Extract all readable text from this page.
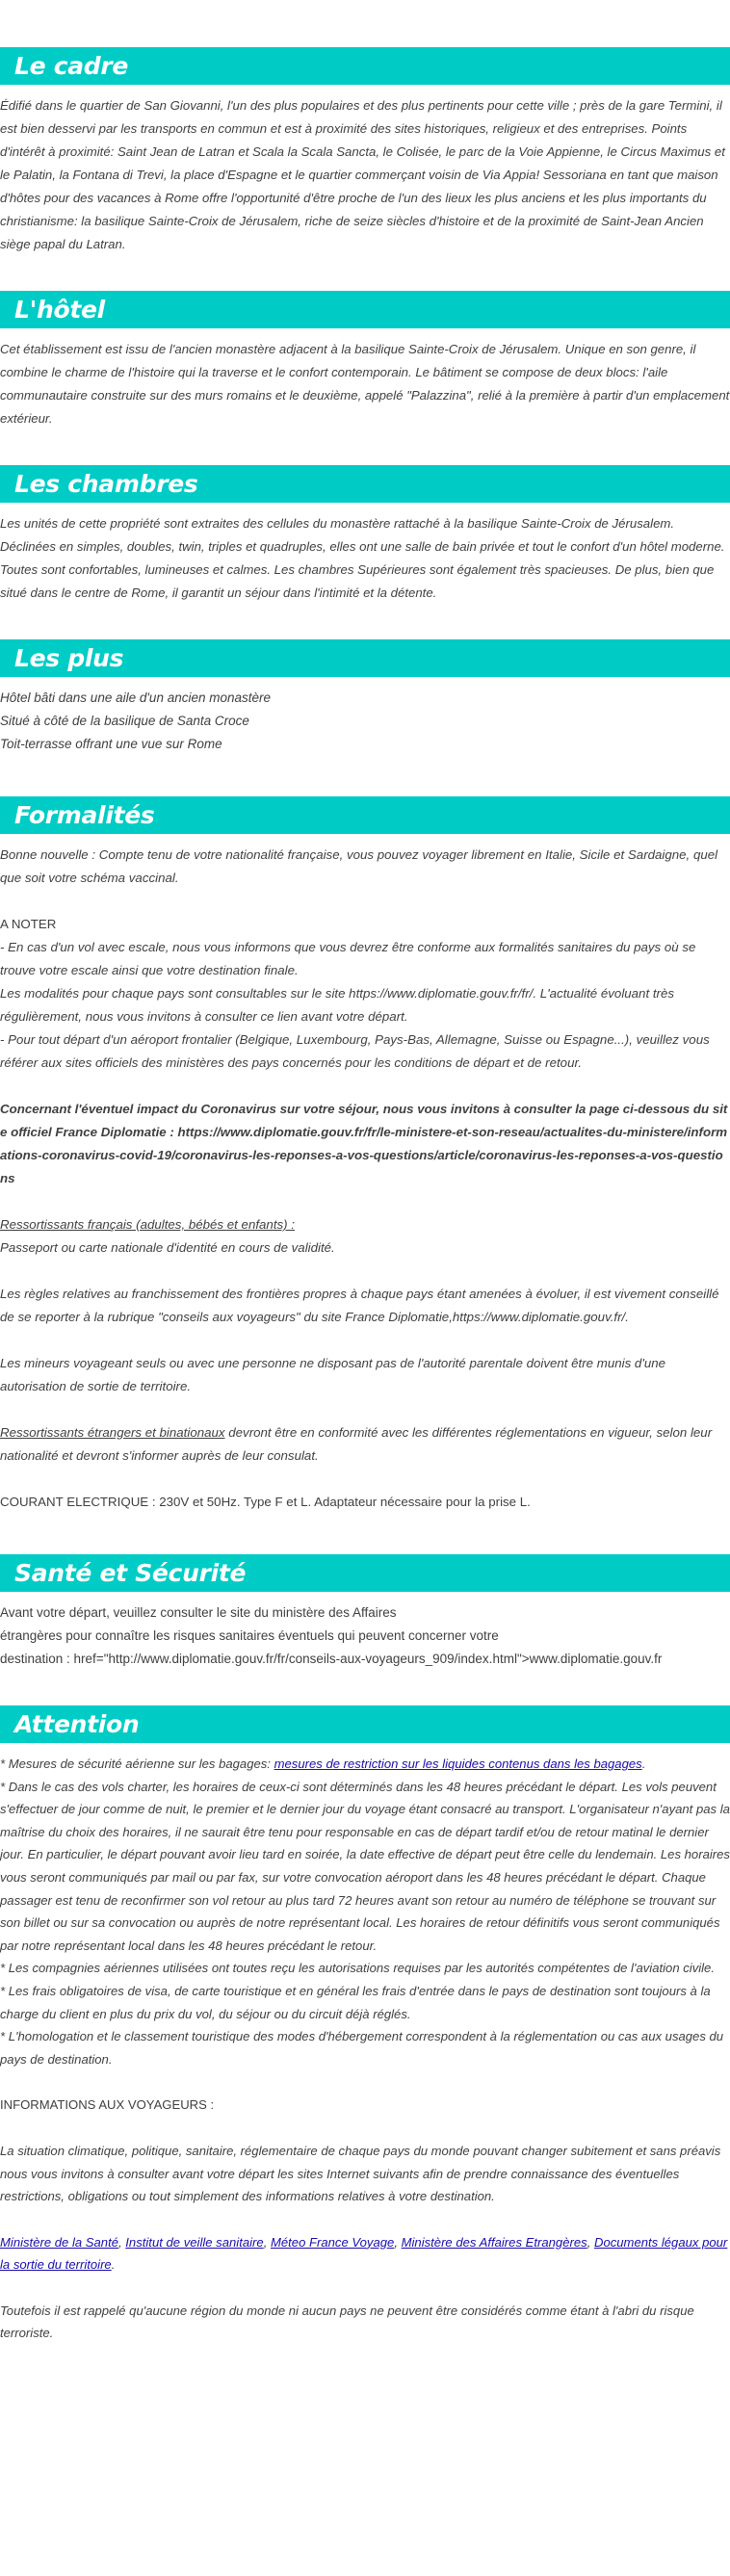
Le cadre

Édifié dans le quartier de San Giovanni, l'un des plus populaires et des plus pertinents pour cette ville ; près de la gare Termini, il est bien desservi par les transports en commun et est à proximité des sites historiques, religieux et des entreprises. Points d'intérêt à proximité: Saint Jean de Latran et Scala la Scala Sancta, le Colisée, le parc de la Voie Appienne, le Circus Maximus et le Palatin, la Fontana di Trevi, la place d'Espagne et le quartier commerçant voisin de Via Appia! Sessoriana en tant que maison d'hôtes pour des vacances à Rome offre l'opportunité d'être proche de l'un des lieux les plus anciens et les plus importants du christianisme: la basilique Sainte-Croix de Jérusalem, riche de seize siècles d'histoire et de la proximité de Saint-Jean Ancien siège papal du Latran.

L'hôtel

Cet établissement est issu de l'ancien monastère adjacent à la basilique Sainte-Croix de Jérusalem. Unique en son genre, il combine le charme de l'histoire qui la traverse et le confort contemporain. Le bâtiment se compose de deux blocs: l'aile communautaire construite sur des murs romains et le deuxième, appelé "Palazzina", relié à la première à partir d'un emplacement extérieur.

Les chambres

Les unités de cette propriété sont extraites des cellules du monastère rattaché à la basilique Sainte-Croix de Jérusalem. Déclinées en simples, doubles, twin, triples et quadruples, elles ont une salle de bain privée et tout le confort d'un hôtel moderne. Toutes sont confortables, lumineuses et calmes. Les chambres Supérieures sont également très spacieuses. De plus, bien que situé dans le centre de Rome, il garantit un séjour dans l'intimité et la détente.

Les plus

Hôtel bâti dans une aile d'un ancien monastère

Situé à côté de la basilique de Santa Croce

Toit-terrasse offrant une vue sur Rome

Formalités

Bonne nouvelle : Compte tenu de votre nationalité française, vous pouvez voyager librement en Italie, Sicile et Sardaigne, quel que soit votre schéma vaccinal.

A NOTER

- En cas d'un vol avec escale, nous vous informons que vous devrez être conforme aux formalités sanitaires du pays où se trouve votre escale ainsi que votre destination finale.

Les modalités pour chaque pays sont consultables sur le site https://www.diplomatie.gouv.fr/fr/. L'actualité évoluant très régulièrement, nous vous invitons à consulter ce lien avant votre départ.

- Pour tout départ d'un aéroport frontalier (Belgique, Luxembourg, Pays-Bas, Allemagne, Suisse ou Espagne...), veuillez vous référer aux sites officiels des ministères des pays concernés pour les conditions de départ et de retour.

Concernant l'éventuel impact du Coronavirus sur votre séjour, nous vous invitons à consulter la page ci-dessous du site officiel France Diplomatie : https://www.diplomatie.gouv.fr/fr/le-ministere-et-son-reseau/actualites-du-ministere/informations-coronavirus-covid-19/coronavirus-les-reponses-a-vos-questions/article/coronavirus-les-reponses-a-vos-questions

Ressortissants français (adultes, bébés et enfants) :

Passeport ou carte nationale d'identité en cours de validité.

Les règles relatives au franchissement des frontières propres à chaque pays étant amenées à évoluer, il est vivement conseillé de se reporter à la rubrique "conseils aux voyageurs" du site France Diplomatie,https://www.diplomatie.gouv.fr/.

Les mineurs voyageant seuls ou avec une personne ne disposant pas de l'autorité parentale doivent être munis d'une autorisation de sortie de territoire.

Ressortissants étrangers et binationaux devront être en conformité avec les différentes réglementations en vigueur, selon leur nationalité et devront s'informer auprès de leur consulat.

COURANT ELECTRIQUE : 230V et 50Hz. Type F et L. Adaptateur nécessaire pour la prise L.

Santé et Sécurité

Avant votre départ, veuillez consulter le site du ministère des Affaires

étrangères pour connaître les risques sanitaires éventuels qui peuvent concerner votre

destination : href="http://www.diplomatie.gouv.fr/fr/conseils-aux-voyageurs_909/index.html">www.diplomatie.gouv.fr

Attention

* Mesures de sécurité aérienne sur les bagages: mesures de restriction sur les liquides contenus dans les bagages.

* Dans le cas des vols charter, les horaires de ceux-ci sont déterminés dans les 48 heures précédant le départ. Les vols peuvent s'effectuer de jour comme de nuit, le premier et le dernier jour du voyage étant consacré au transport. L'organisateur n'ayant pas la maîtrise du choix des horaires, il ne saurait être tenu pour responsable en cas de départ tardif et/ou de retour matinal le dernier jour. En particulier, le départ pouvant avoir lieu tard en soirée, la date effective de départ peut être celle du lendemain. Les horaires vous seront communiqués par mail ou par fax, sur votre convocation aéroport dans les 48 heures précédant le départ. Chaque passager est tenu de reconfirmer son vol retour au plus tard 72 heures avant son retour au numéro de téléphone se trouvant sur son billet ou sur sa convocation ou auprès de notre représentant local. Les horaires de retour définitifs vous seront communiqués par notre représentant local dans les 48 heures précédant le retour.

* Les compagnies aériennes utilisées ont toutes reçu les autorisations requises par les autorités compétentes de l'aviation civile.

* Les frais obligatoires de visa, de carte touristique et en général les frais d'entrée dans le pays de destination sont toujours à la charge du client en plus du prix du vol, du séjour ou du circuit déjà réglés.

* L'homologation et le classement touristique des modes d'hébergement correspondent à la réglementation ou cas aux usages du pays de destination.

INFORMATIONS AUX VOYAGEURS :

La situation climatique, politique, sanitaire, réglementaire de chaque pays du monde pouvant changer subitement et sans préavis nous vous invitons à consulter avant votre départ les sites Internet suivants afin de prendre connaissance des éventuelles restrictions, obligations ou tout simplement des informations relatives à votre destination.

Ministère de la Santé, Institut de veille sanitaire, Méteo France Voyage, Ministère des Affaires Etrangères, Documents légaux pour la sortie du territoire.

Toutefois il est rappelé qu'aucune région du monde ni aucun pays ne peuvent être considérés comme étant à l'abri du risque terroriste.
